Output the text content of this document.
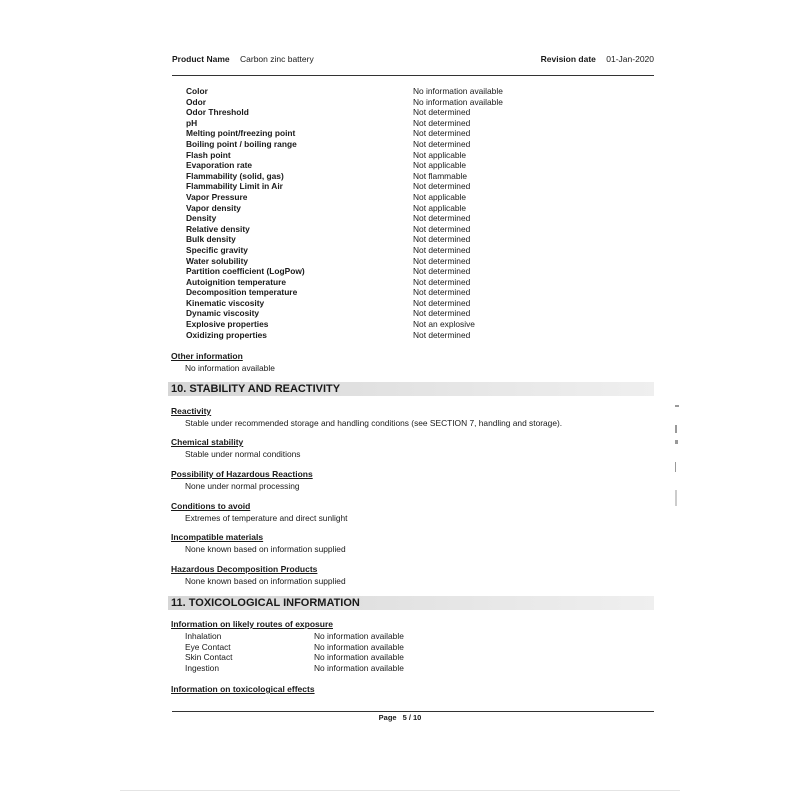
Product Name Carbon zinc battery	Revision date 01-Jan-2020
Color	No information available
Odor	No information available
Odor Threshold	Not determined
pH	Not determined
Melting point/freezing point	Not determined
Boiling point / boiling range	Not determined
Flash point	Not applicable
Evaporation rate	Not applicable
Flammability (solid, gas)	Not flammable
Flammability Limit in Air	Not determined
Vapor Pressure	Not applicable
Vapor density	Not applicable
Density	Not determined
Relative density	Not determined
Bulk density	Not determined
Specific gravity	Not determined
Water solubility	Not determined
Partition coefficient (LogPow)	Not determined
Autoignition temperature	Not determined
Decomposition temperature	Not determined
Kinematic viscosity	Not determined
Dynamic viscosity	Not determined
Explosive properties	Not an explosive
Oxidizing properties	Not determined
Other information
No information available
10. STABILITY AND REACTIVITY
Reactivity
Stable under recommended storage and handling conditions (see SECTION 7, handling and storage).
Chemical stability
Stable under normal conditions
Possibility of Hazardous Reactions
None under normal processing
Conditions to avoid
Extremes of temperature and direct sunlight
Incompatible materials
None known based on information supplied
Hazardous Decomposition Products
None known based on information supplied
11. TOXICOLOGICAL INFORMATION
Information on likely routes of exposure
Inhalation	No information available
Eye Contact	No information available
Skin Contact	No information available
Ingestion	No information available
Information on toxicological effects
Page 5 / 10
